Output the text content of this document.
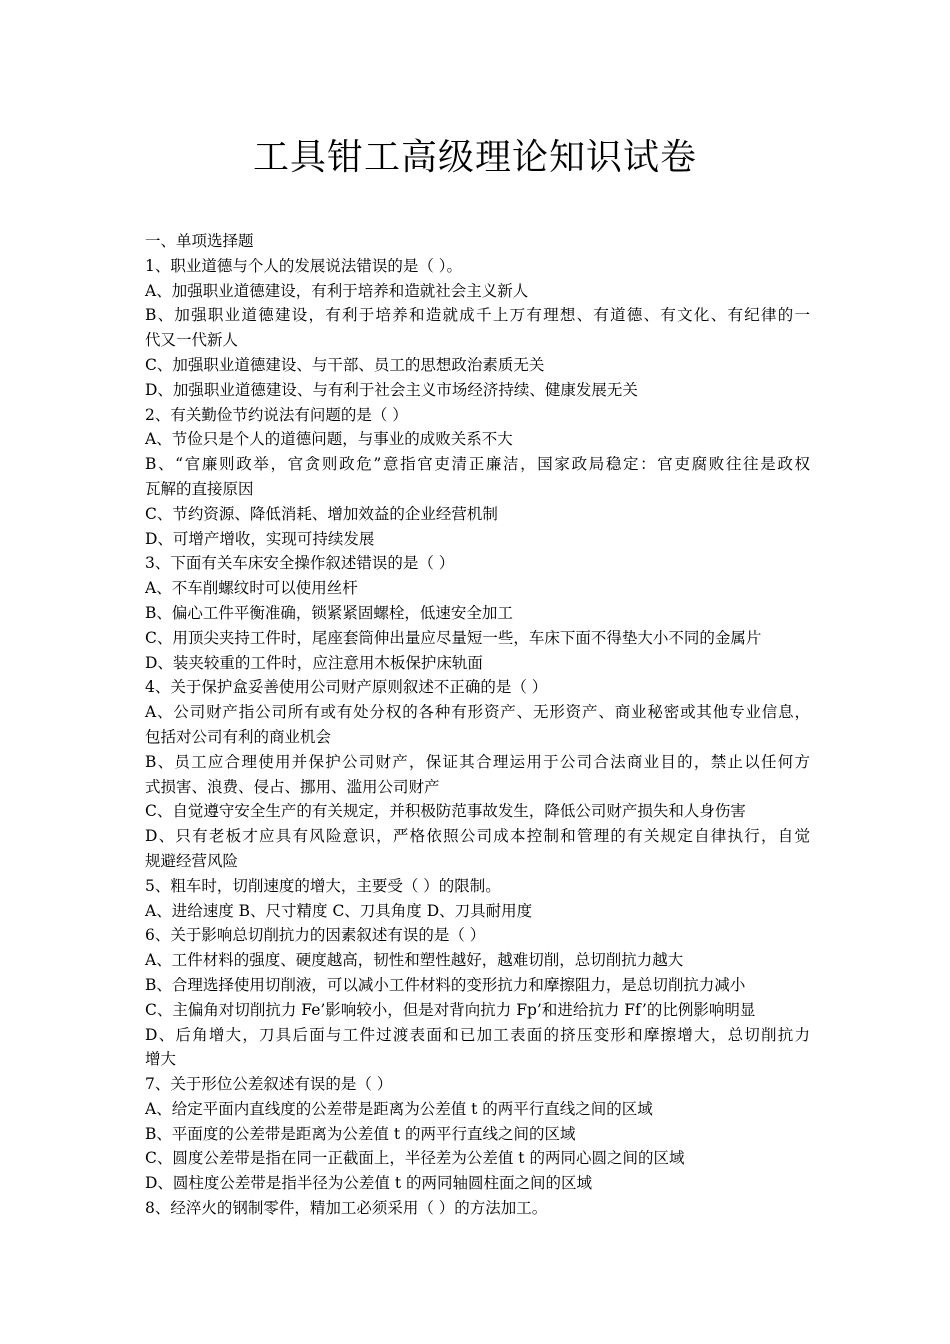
工具钳工高级理论知识试卷
一、单项选择题
1、职业道德与个人的发展说法错误的是（ ）。
A、加强职业道德建设，有利于培养和造就社会主义新人
B、加强职业道德建设，有利于培养和造就成千上万有理想、有道德、有文化、有纪律的一
代又一代新人
C、加强职业道德建设、与干部、员工的思想政治素质无关
D、加强职业道德建设、与有利于社会主义市场经济持续、健康发展无关
2、有关勤俭节约说法有问题的是（ ）
A、节俭只是个人的道德问题，与事业的成败关系不大
B、“官廉则政举，官贪则政危”意指官吏清正廉洁，国家政局稳定：官吏腐败往往是政权
瓦解的直接原因
C、节约资源、降低消耗、增加效益的企业经营机制
D、可增产增收，实现可持续发展
3、下面有关车床安全操作叙述错误的是（ ）
A、不车削螺纹时可以使用丝杆
B、偏心工件平衡准确，锁紧紧固螺栓，低速安全加工
C、用顶尖夹持工件时，尾座套筒伸出量应尽量短一些，车床下面不得垫大小不同的金属片
D、装夹较重的工件时，应注意用木板保护床轨面
4、关于保护盒妥善使用公司财产原则叙述不正确的是（ ）
A、公司财产指公司所有或有处分权的各种有形资产、无形资产、商业秘密或其他专业信息，
包括对公司有利的商业机会
B、员工应合理使用并保护公司财产，保证其合理运用于公司合法商业目的，禁止以任何方
式损害、浪费、侵占、挪用、滥用公司财产
C、自觉遵守安全生产的有关规定，并积极防范事故发生，降低公司财产损失和人身伤害
D、只有老板才应具有风险意识，严格依照公司成本控制和管理的有关规定自律执行，自觉
规避经营风险
5、粗车时，切削速度的增大，主要受（ ）的限制。
A、进给速度 B、尺寸精度 C、刀具角度 D、刀具耐用度
6、关于影响总切削抗力的因素叙述有误的是（ ）
A、工件材料的强度、硬度越高，韧性和塑性越好，越难切削，总切削抗力越大
B、合理选择使用切削液，可以减小工件材料的变形抗力和摩擦阻力，是总切削抗力减小
C、主偏角对切削抗力 Fe’影响较小，但是对背向抗力 Fp’和进给抗力 Ff’的比例影响明显
D、后角增大，刀具后面与工件过渡表面和已加工表面的挤压变形和摩擦增大，总切削抗力
增大
7、关于形位公差叙述有误的是（ ）
A、给定平面内直线度的公差带是距离为公差值 t 的两平行直线之间的区域
B、平面度的公差带是距离为公差值 t 的两平行直线之间的区域
C、圆度公差带是指在同一正截面上，半径差为公差值 t 的两同心圆之间的区域
D、圆柱度公差带是指半径为公差值 t 的两同轴圆柱面之间的区域
8、经淬火的钢制零件，精加工必须采用（ ）的方法加工。
